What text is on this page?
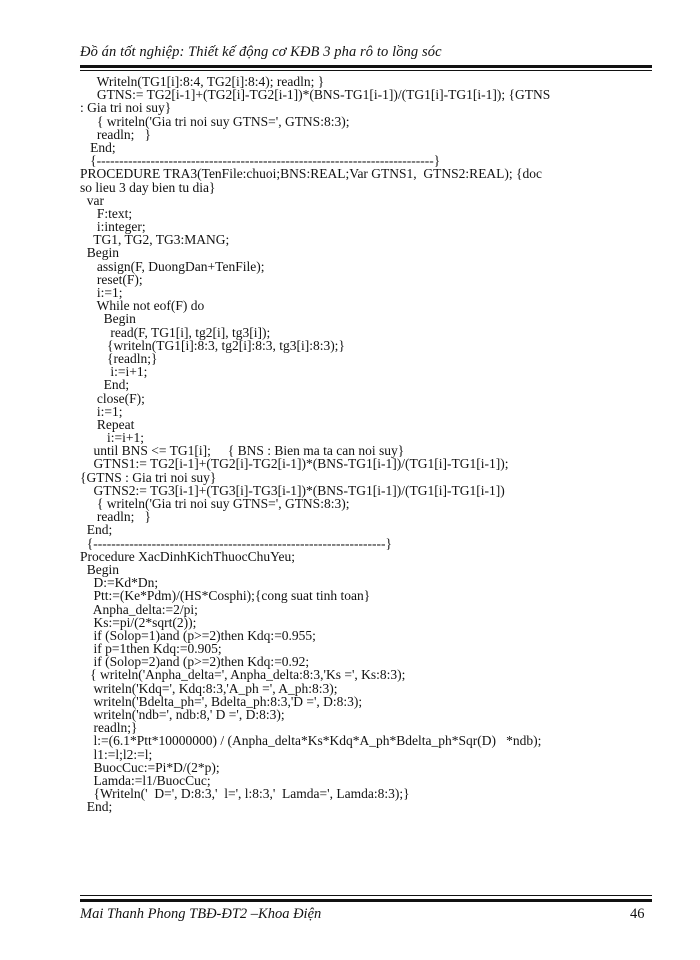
Đồ án tốt nghiệp: Thiết kế động cơ KĐB 3 pha rô to lồng sóc
Writeln(TG1[i]:8:4, TG2[i]:8:4); readln; }
GTNS:= TG2[i-1]+(TG2[i]-TG2[i-1])*(BNS-TG1[i-1])/(TG1[i]-TG1[i-1]); {GTNS
: Gia tri noi suy}
{ writeln('Gia tri noi suy GTNS=', GTNS:8:3);
readln;   }
End;
{---------------------------------------------------------------------------}
PROCEDURE TRA3(TenFile:chuoi;BNS:REAL;Var GTNS1,  GTNS2:REAL); {doc
so lieu 3 day bien tu dia}
var
F:text;
i:integer;
TG1, TG2, TG3:MANG;
Begin
assign(F, DuongDan+TenFile);
reset(F);
i:=1;
While not eof(F) do
Begin
read(F, TG1[i], tg2[i], tg3[i]);
{writeln(TG1[i]:8:3, tg2[i]:8:3, tg3[i]:8:3);}
{readln;}
i:=i+1;
End;
close(F);
i:=1;
Repeat
i:=i+1;
until BNS <= TG1[i];     { BNS : Bien ma ta can noi suy}
GTNS1:= TG2[i-1]+(TG2[i]-TG2[i-1])*(BNS-TG1[i-1])/(TG1[i]-TG1[i-1]);
{GTNS : Gia tri noi suy}
GTNS2:= TG3[i-1]+(TG3[i]-TG3[i-1])*(BNS-TG1[i-1])/(TG1[i]-TG1[i-1])
{ writeln('Gia tri noi suy GTNS=', GTNS:8:3);
readln;   }
End;
{-----------------------------------------------------------------}
Procedure XacDinhKichThuocChuYeu;
Begin
D:=Kd*Dn;
Ptt:=(Ke*Pdm)/(HS*Cosphi);{cong suat tinh toan}
Anpha_delta:=2/pi;
Ks:=pi/(2*sqrt(2));
if (Solop=1)and (p>=2)then Kdq:=0.955;
if p=1then Kdq:=0.905;
if (Solop=2)and (p>=2)then Kdq:=0.92;
{ writeln('Anpha_delta=', Anpha_delta:8:3,'Ks =', Ks:8:3);
writeln('Kdq=', Kdq:8:3,'A_ph =', A_ph:8:3);
writeln('Bdelta_ph=', Bdelta_ph:8:3,'D =', D:8:3);
writeln('ndb=', ndb:8,' D =', D:8:3);
readln;}
l:=(6.1*Ptt*10000000) / (Anpha_delta*Ks*Kdq*A_ph*Bdelta_ph*Sqr(D)   *ndb);
l1:=l;l2:=l;
BuocCuc:=Pi*D/(2*p);
Lamda:=l1/BuocCuc;
{Writeln('  D=', D:8:3,'  l=', l:8:3,'  Lamda=', Lamda:8:3);}
End;
Mai Thanh Phong TBĐ-ĐT2 –Khoa Điện	46
